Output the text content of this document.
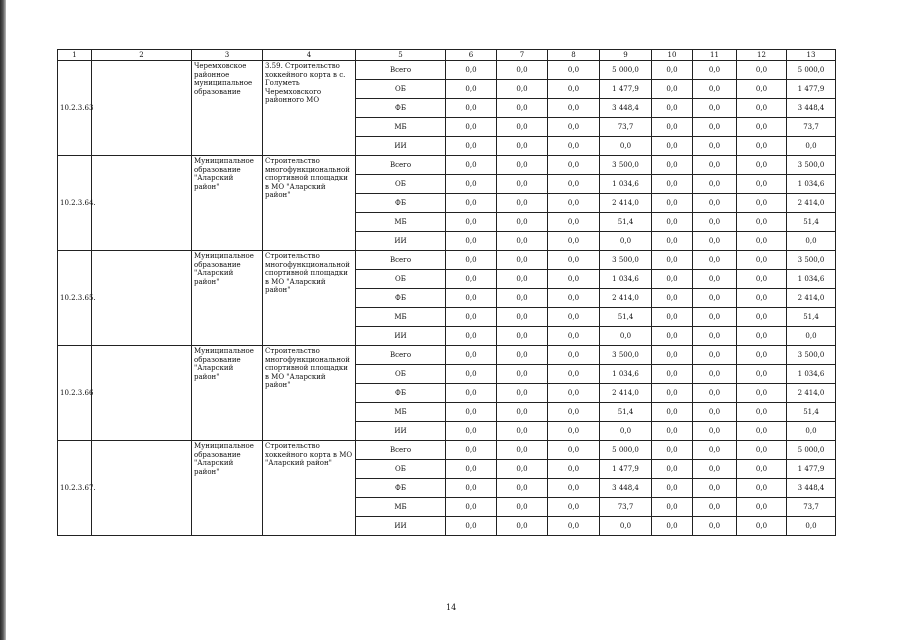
1	2	3	4	5	6	7	8	9	10	11	12	13
10.2.3.63		Черемховское районное муниципальное образование	3.59. Строительство хоккейного корта в с. Голуметь Черемховского районного МО	Всего	0,0	0,0	0,0	5 000,0	0,0	0,0	0,0	5 000,0
				ОБ	0,0	0,0	0,0	1 477,9	0,0	0,0	0,0	1 477,9
				ФБ	0,0	0,0	0,0	3 448,4	0,0	0,0	0,0	3 448,4
				МБ	0,0	0,0	0,0	73,7	0,0	0,0	0,0	73,7
				ИИ	0,0	0,0	0,0	0,0	0,0	0,0	0,0	0,0
10.2.3.64.		Муниципальное образование "Аларский район"	Строительство многофункциональной спортивной площадки в МО "Аларский район"	Всего	0,0	0,0	0,0	3 500,0	0,0	0,0	0,0	3 500,0
				ОБ	0,0	0,0	0,0	1 034,6	0,0	0,0	0,0	1 034,6
				ФБ	0,0	0,0	0,0	2 414,0	0,0	0,0	0,0	2 414,0
				МБ	0,0	0,0	0,0	51,4	0,0	0,0	0,0	51,4
				ИИ	0,0	0,0	0,0	0,0	0,0	0,0	0,0	0,0
10.2.3.65.		Муниципальное образование "Аларский район"	Строительство многофункциональной спортивной площадки в МО "Аларский район"	Всего	0,0	0,0	0,0	3 500,0	0,0	0,0	0,0	3 500,0
				ОБ	0,0	0,0	0,0	1 034,6	0,0	0,0	0,0	1 034,6
				ФБ	0,0	0,0	0,0	2 414,0	0,0	0,0	0,0	2 414,0
				МБ	0,0	0,0	0,0	51,4	0,0	0,0	0,0	51,4
				ИИ	0,0	0,0	0,0	0,0	0,0	0,0	0,0	0,0
10.2.3.66		Муниципальное образование "Аларский район"	Строительство многофункциональной спортивной площадки в МО "Аларский район"	Всего	0,0	0,0	0,0	3 500,0	0,0	0,0	0,0	3 500,0
				ОБ	0,0	0,0	0,0	1 034,6	0,0	0,0	0,0	1 034,6
				ФБ	0,0	0,0	0,0	2 414,0	0,0	0,0	0,0	2 414,0
				МБ	0,0	0,0	0,0	51,4	0,0	0,0	0,0	51,4
				ИИ	0,0	0,0	0,0	0,0	0,0	0,0	0,0	0,0
10.2.3.67.		Муниципальное образование "Аларский район"	Строительство хоккейного корта в МО "Аларский район"	Всего	0,0	0,0	0,0	5 000,0	0,0	0,0	0,0	5 000,0
				ОБ	0,0	0,0	0,0	1 477,9	0,0	0,0	0,0	1 477,9
				ФБ	0,0	0,0	0,0	3 448,4	0,0	0,0	0,0	3 448,4
				МБ	0,0	0,0	0,0	73,7	0,0	0,0	0,0	73,7
				ИИ	0,0	0,0	0,0	0,0	0,0	0,0	0,0	0,0
14
